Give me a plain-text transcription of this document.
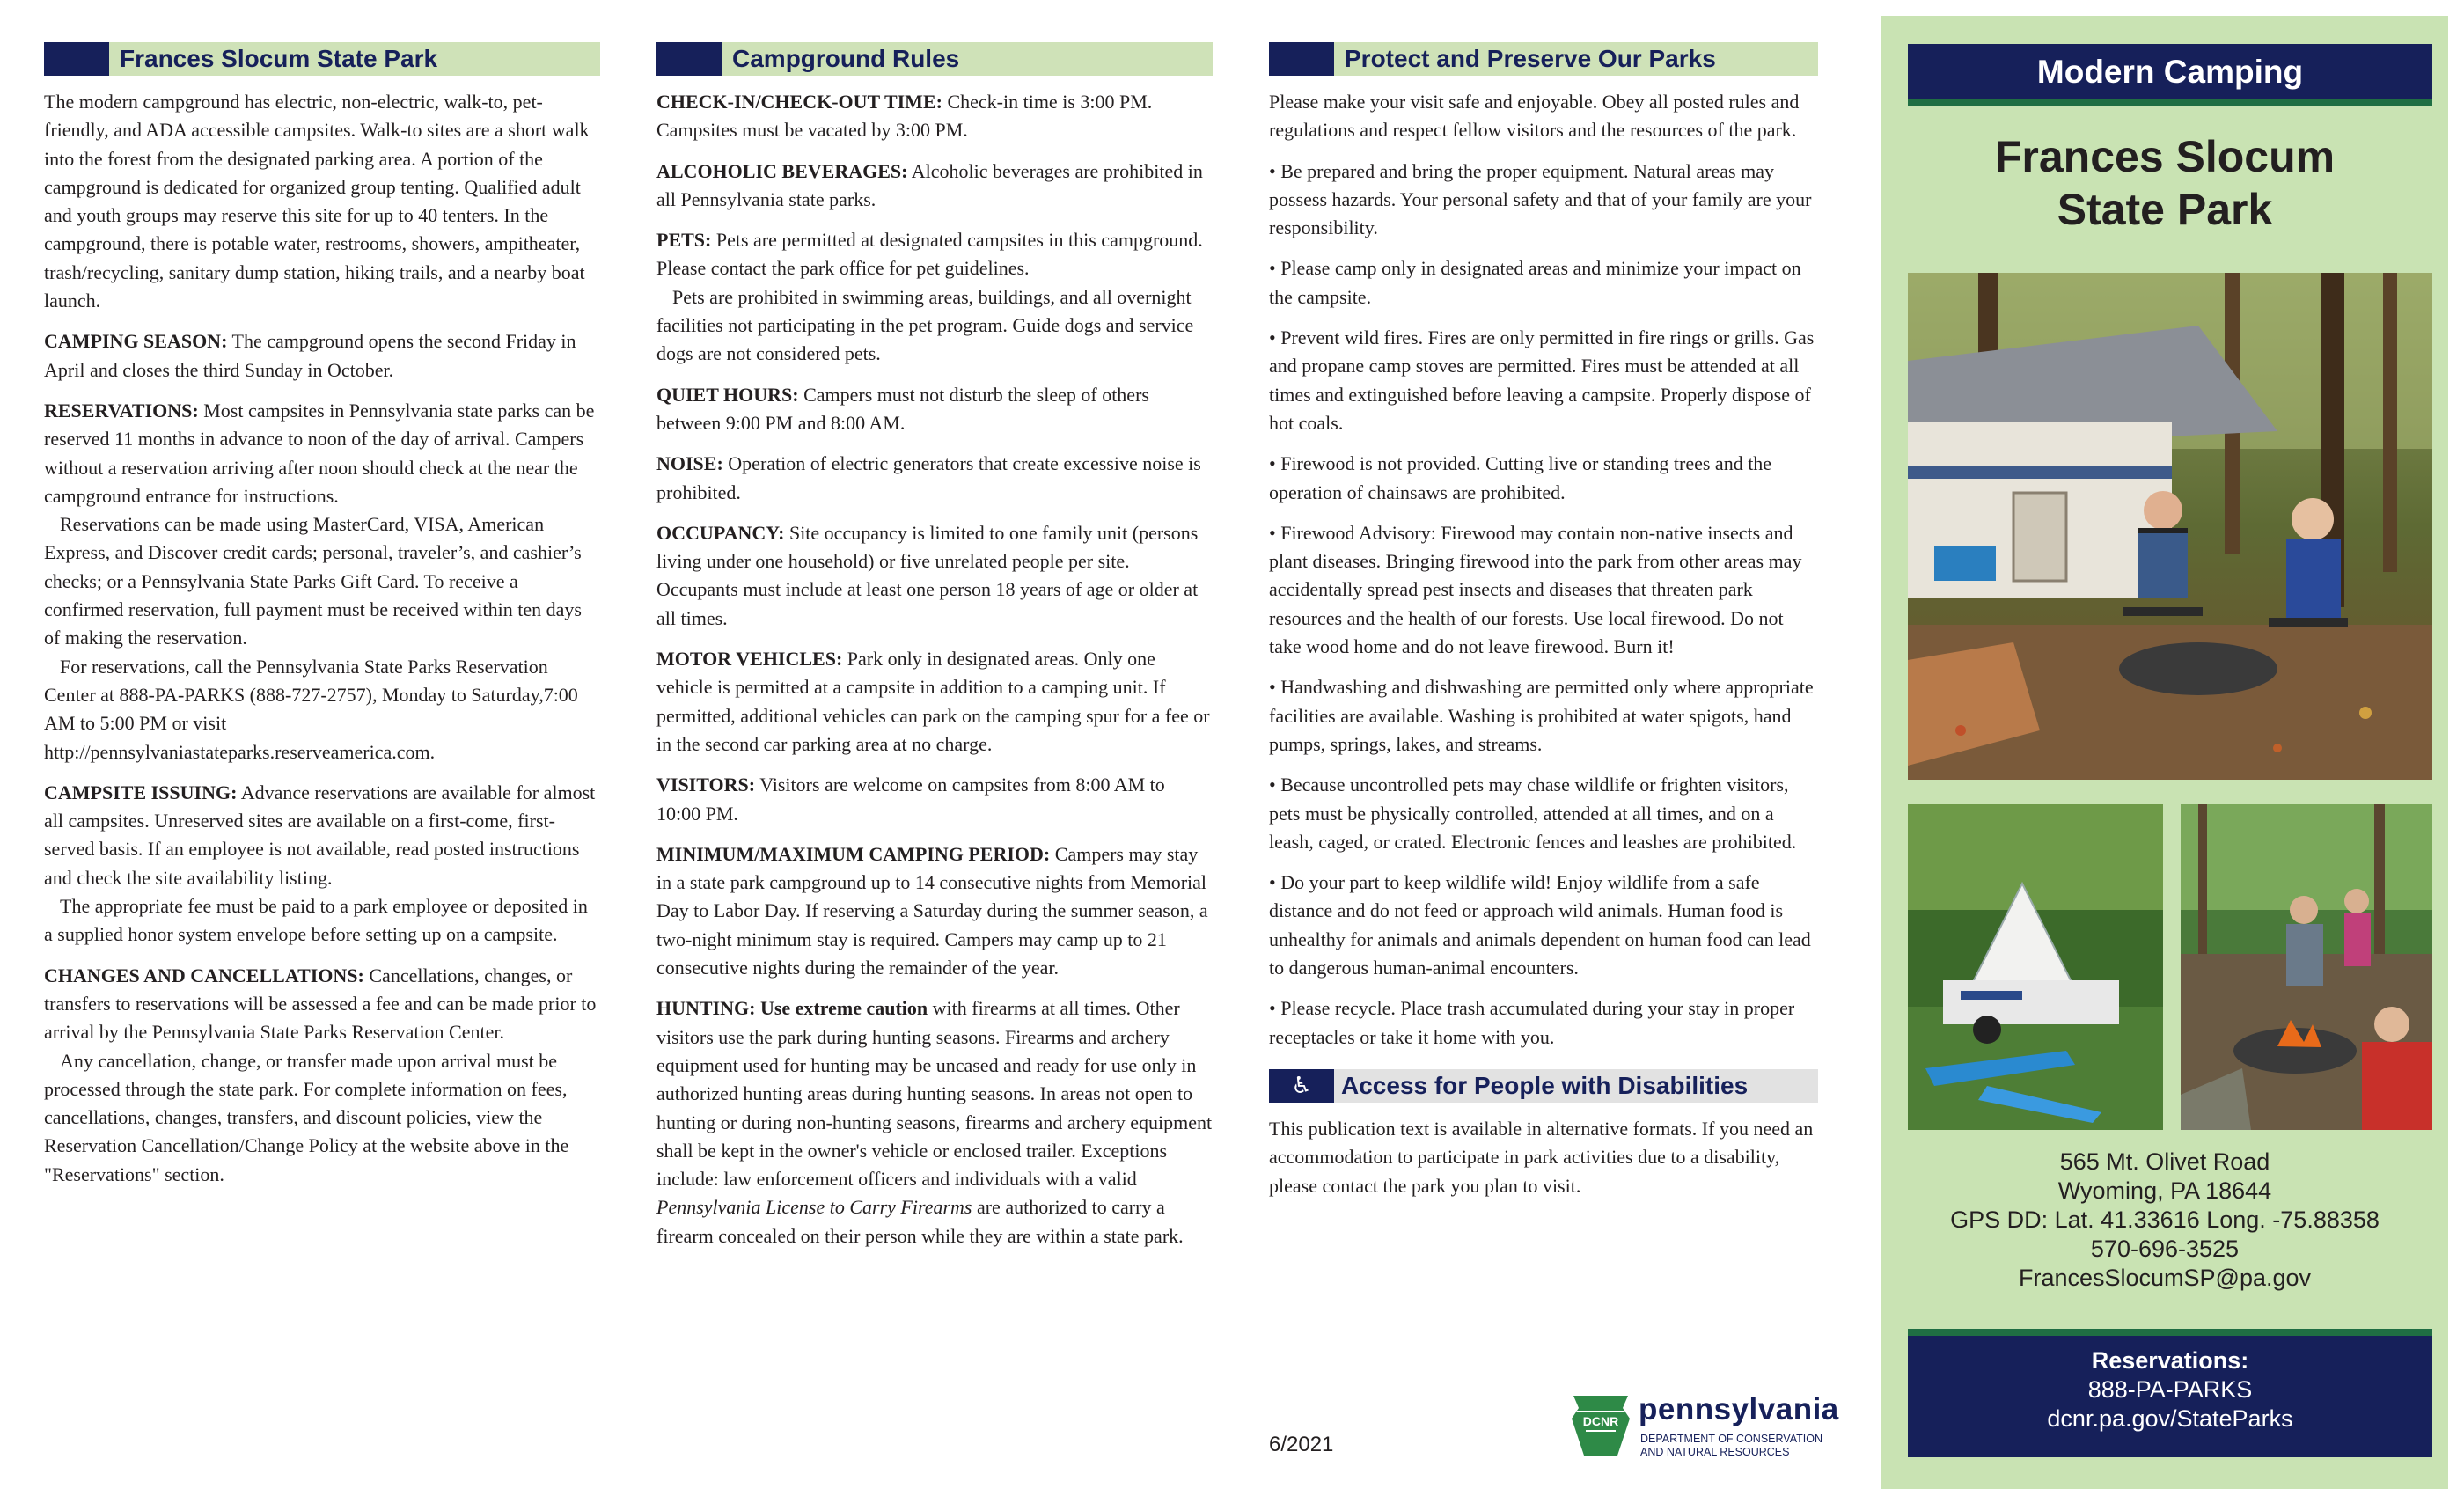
Frances Slocum State Park

The modern campground has electric, non-electric, walk-to, pet-friendly, and ADA accessible campsites. Walk-to sites are a short walk into the forest from the designated parking area. A portion of the campground is dedicated for organized group tenting. Qualified adult and youth groups may reserve this site for up to 40 tenters. In the campground, there is potable water, restrooms, showers, ampitheater, trash/recycling, sanitary dump station, hiking trails, and a nearby boat launch.

CAMPING SEASON: The campground opens the second Friday in April and closes the third Sunday in October.

RESERVATIONS: Most campsites in Pennsylvania state parks can be reserved 11 months in advance to noon of the day of arrival. Campers without a reservation arriving after noon should check at the near the campground entrance for instructions.

Reservations can be made using MasterCard, VISA, American Express, and Discover credit cards; personal, traveler’s, and cashier’s checks; or a Pennsylvania State Parks Gift Card. To receive a confirmed reservation, full payment must be received within ten days of making the reservation.

For reservations, call the Pennsylvania State Parks Reservation Center at 888-PA-PARKS (888-727-2757), Monday to Saturday,7:00 AM to 5:00 PM or visit http://pennsylvaniastateparks.reserveamerica.com.

CAMPSITE ISSUING: Advance reservations are available for almost all campsites. Unreserved sites are available on a first-come, first-served basis. If an employee is not available, read posted instructions and check the site availability listing.

The appropriate fee must be paid to a park employee or deposited in a supplied honor system envelope before setting up on a campsite.

CHANGES AND CANCELLATIONS: Cancellations, changes, or transfers to reservations will be assessed a fee and can be made prior to arrival by the Pennsylvania State Parks Reservation Center.

Any cancellation, change, or transfer made upon arrival must be processed through the state park. For complete information on fees, cancellations, changes, transfers, and discount policies, view the Reservation Cancellation/Change Policy at the website above in the "Reservations" section.

Campground Rules

CHECK-IN/CHECK-OUT TIME: Check-in time is 3:00 PM. Campsites must be vacated by 3:00 PM.

ALCOHOLIC BEVERAGES: Alcoholic beverages are prohibited in all Pennsylvania state parks.

PETS: Pets are permitted at designated campsites in this campground. Please contact the park office for pet guidelines.

Pets are prohibited in swimming areas, buildings, and all overnight facilities not participating in the pet program. Guide dogs and service dogs are not considered pets.

QUIET HOURS: Campers must not disturb the sleep of others between 9:00 PM and 8:00 AM.

NOISE: Operation of electric generators that create excessive noise is prohibited.

OCCUPANCY: Site occupancy is limited to one family unit (persons living under one household) or five unrelated people per site. Occupants must include at least one person 18 years of age or older at all times.

MOTOR VEHICLES: Park only in designated areas. Only one vehicle is permitted at a campsite in addition to a camping unit. If permitted, additional vehicles can park on the camping spur for a fee or in the second car parking area at no charge.

VISITORS: Visitors are welcome on campsites from 8:00 AM to 10:00 PM.

MINIMUM/MAXIMUM CAMPING PERIOD: Campers may stay in a state park campground up to 14 consecutive nights from Memorial Day to Labor Day. If reserving a Saturday during the summer season, a two-night minimum stay is required. Campers may camp up to 21 consecutive nights during the remainder of the year.

HUNTING: Use extreme caution with firearms at all times. Other visitors use the park during hunting seasons. Firearms and archery equipment used for hunting may be uncased and ready for use only in authorized hunting areas during hunting seasons. In areas not open to hunting or during non-hunting seasons, firearms and archery equipment shall be kept in the owner's vehicle or enclosed trailer. Exceptions include: law enforcement officers and individuals with a valid Pennsylvania License to Carry Firearms are authorized to carry a firearm concealed on their person while they are within a state park.

Protect and Preserve Our Parks

Please make your visit safe and enjoyable. Obey all posted rules and regulations and respect fellow visitors and the resources of the park.

• Be prepared and bring the proper equipment. Natural areas may possess hazards. Your personal safety and that of your family are your responsibility.

• Please camp only in designated areas and minimize your impact on the campsite.

• Prevent wild fires. Fires are only permitted in fire rings or grills. Gas and propane camp stoves are permitted. Fires must be attended at all times and extinguished before leaving a campsite. Properly dispose of hot coals.

• Firewood is not provided. Cutting live or standing trees and the operation of chainsaws are prohibited.

• Firewood Advisory: Firewood may contain non-native insects and plant diseases. Bringing firewood into the park from other areas may accidentally spread pest insects and diseases that threaten park resources and the health of our forests. Use local firewood. Do not take wood home and do not leave firewood. Burn it!

• Handwashing and dishwashing are permitted only where appropriate facilities are available. Washing is prohibited at water spigots, hand pumps, springs, lakes, and streams.

• Because uncontrolled pets may chase wildlife or frighten visitors, pets must be physically controlled, attended at all times, and on a leash, caged, or crated. Electronic fences and leashes are prohibited.

• Do your part to keep wildlife wild! Enjoy wildlife from a safe distance and do not feed or approach wild animals. Human food is unhealthy for animals and animals dependent on human food can lead to dangerous human-animal encounters.

• Please recycle. Place trash accumulated during your stay in proper receptacles or take it home with you.

♿ Access for People with Disabilities

This publication text is available in alternative formats. If you need an accommodation to participate in park activities due to a disability, please contact the park you plan to visit.

6/2021
DCNR pennsylvania
DEPARTMENT OF CONSERVATION
AND NATURAL RESOURCES
Modern Camping
Frances Slocum
State Park
565 Mt. Olivet Road
Wyoming, PA 18644
GPS DD: Lat. 41.33616 Long. -75.88358
570-696-3525
FrancesSlocumSP@pa.gov
Reservations:
888-PA-PARKS
dcnr.pa.gov/StateParks
